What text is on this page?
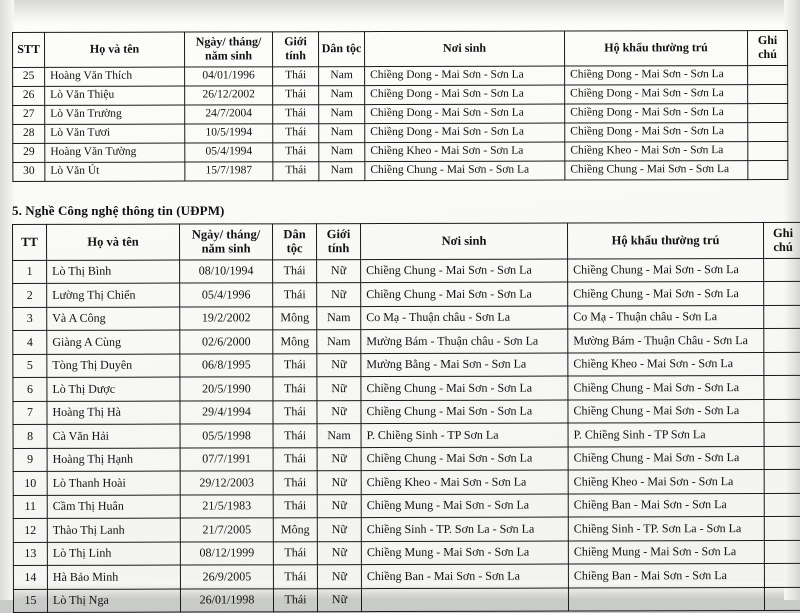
STT	Họ và tên	Ngày/ tháng/ năm sinh	Giới tính	Dân tộc	Nơi sinh	Hộ khẩu thường trú	Ghi chú
25	Hoàng Văn Thích	04/01/1996	Thái	Nam	Chiềng Dong - Mai Sơn - Sơn La	Chiềng Dong - Mai Sơn - Sơn La	
26	Lò Văn Thiệu	26/12/2002	Thái	Nam	Chiềng Dong - Mai Sơn - Sơn La	Chiềng Dong - Mai Sơn - Sơn La	
27	Lò Văn Trường	24/7/2004	Thái	Nam	Chiềng Dong - Mai Sơn - Sơn La	Chiềng Dong - Mai Sơn - Sơn La	
28	Lò Văn Tươi	10/5/1994	Thái	Nam	Chiềng Dong - Mai Sơn - Sơn La	Chiềng Dong - Mai Sơn - Sơn La	
29	Hoàng Văn Tường	05/4/1994	Thái	Nam	Chiềng Kheo - Mai Sơn - Sơn La	Chiềng Kheo - Mai Sơn - Sơn La	
30	Lò Văn Út	15/7/1987	Thái	Nam	Chiềng Chung - Mai Sơn - Sơn La	Chiềng Chung - Mai Sơn - Sơn La	
5. Nghề Công nghệ thông tin (UĐPM)
TT	Họ và tên	Ngày/ tháng/ năm sinh	Dân tộc	Giới tính	Nơi sinh	Hộ khẩu thường trú	Ghi chú
1	Lò Thị Bình	08/10/1994	Thái	Nữ	Chiềng Chung - Mai Sơn - Sơn La	Chiềng Chung - Mai Sơn - Sơn La	
2	Lường Thị Chiến	05/4/1996	Thái	Nữ	Chiềng Chung - Mai Sơn - Sơn La	Chiềng Chung - Mai Sơn - Sơn La	
3	Và A Công	19/2/2002	Mông	Nam	Co Mạ - Thuận châu - Sơn La	Co Mạ - Thuận châu - Sơn La	
4	Giàng A Cùng	02/6/2000	Mông	Nam	Mường Bám - Thuận châu - Sơn La	Mường Bám - Thuận Châu - Sơn La	
5	Tòng Thị Duyên	06/8/1995	Thái	Nữ	Mường Bằng - Mai Sơn - Sơn La	Chiềng Kheo - Mai Sơn - Sơn La	
6	Lò Thị Dược	20/5/1990	Thái	Nữ	Chiềng Chung - Mai Sơn - Sơn La	Chiềng Chung - Mai Sơn - Sơn La	
7	Hoàng Thị Hà	29/4/1994	Thái	Nữ	Chiềng Chung - Mai Sơn - Sơn La	Chiềng Chung - Mai Sơn - Sơn La	
8	Cà Văn Hải	05/5/1998	Thái	Nam	P. Chiềng Sinh - TP Sơn La	P. Chiềng Sinh - TP Sơn La	
9	Hoàng Thị Hạnh	07/7/1991	Thái	Nữ	Chiềng Chung - Mai Sơn - Sơn La	Chiềng Chung - Mai Sơn - Sơn La	
10	Lò Thanh Hoài	29/12/2003	Thái	Nữ	Chiềng Kheo - Mai Sơn - Sơn La	Chiềng Kheo - Mai Sơn - Sơn La	
11	Cầm Thị Huân	21/5/1983	Thái	Nữ	Chiềng Mung - Mai Sơn - Sơn La	Chiềng Ban - Mai Sơn - Sơn La	
12	Thào Thị Lanh	21/7/2005	Mông	Nữ	Chiềng Sinh - TP. Sơn La - Sơn La	Chiềng Sinh - TP. Sơn La - Sơn La	
13	Lò Thị Linh	08/12/1999	Thái	Nữ	Chiềng Mung - Mai Sơn - Sơn La	Chiềng Mung - Mai Sơn - Sơn La	
14	Hà Bảo Minh	26/9/2005	Thái	Nữ	Chiềng Ban - Mai Sơn - Sơn La	Chiềng Ban - Mai Sơn - Sơn La	
15	Lò Thị Nga	26/01/1998	Thái	Nữ			
